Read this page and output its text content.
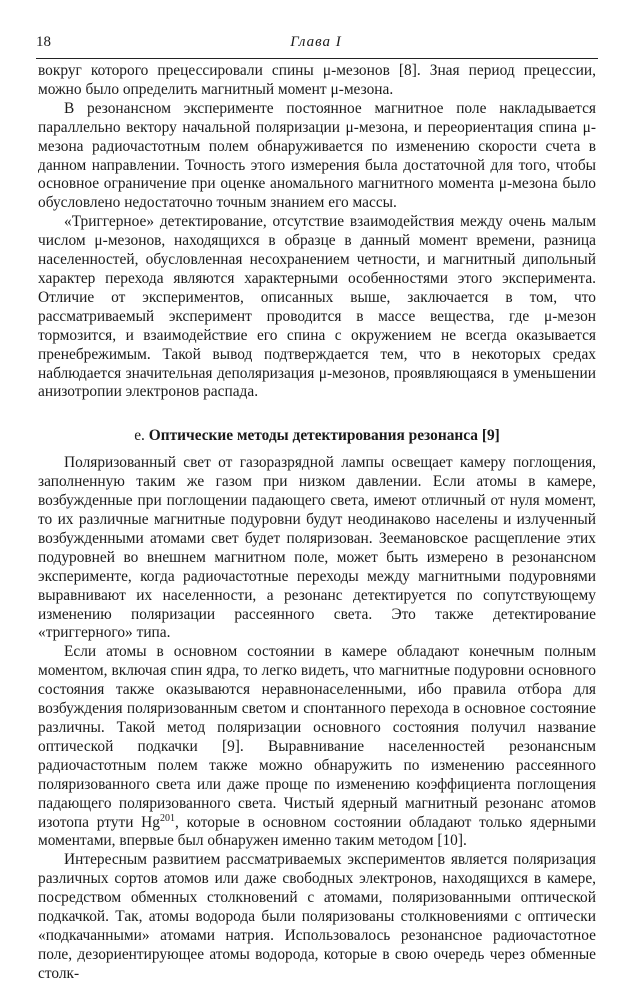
18	Глава I

вокруг которого прецессировали спины μ-мезонов [8]. Зная период прецессии, можно было определить магнитный момент μ-мезона.

В резонансном эксперименте постоянное магнитное поле накладывается параллельно вектору начальной поляризации μ-мезона, и переориентация спина μ-мезона радиочастотным полем обнаруживается по изменению скорости счета в данном направлении. Точность этого измерения была достаточной для того, чтобы основное ограничение при оценке аномального магнитного момента μ-мезона было обусловлено недостаточно точным знанием его массы.

«Триггерное» детектирование, отсутствие взаимодействия между очень малым числом μ-мезонов, находящихся в образце в данный момент времени, разница населенностей, обусловленная несохранением четности, и магнитный дипольный характер перехода являются характерными особенностями этого эксперимента. Отличие от экспериментов, описанных выше, заключается в том, что рассматриваемый эксперимент проводится в массе вещества, где μ-мезон тормозится, и взаимодействие его спина с окружением не всегда оказывается пренебрежимым. Такой вывод подтверждается тем, что в некоторых средах наблюдается значительная деполяризация μ-мезонов, проявляющаяся в уменьшении анизотропии электронов распада.

е. Оптические методы детектирования резонанса [9]

Поляризованный свет от газоразрядной лампы освещает камеру поглощения, заполненную таким же газом при низком давлении. Если атомы в камере, возбужденные при поглощении падающего света, имеют отличный от нуля момент, то их различные магнитные подуровни будут неодинаково населены и излученный возбужденными атомами свет будет поляризован. Зеемановское расщепление этих подуровней во внешнем магнитном поле, может быть измерено в резонансном эксперименте, когда радиочастотные переходы между магнитными подуровнями выравнивают их населенности, а резонанс детектируется по сопутствующему изменению поляризации рассеянного света. Это также детектирование «триггерного» типа.

Если атомы в основном состоянии в камере обладают конечным полным моментом, включая спин ядра, то легко видеть, что магнитные подуровни основного состояния также оказываются неравнонаселенными, ибо правила отбора для возбуждения поляризованным светом и спонтанного перехода в основное состояние различны. Такой метод поляризации основного состояния получил название оптической подкачки [9]. Выравнивание населенностей резонансным радиочастотным полем также можно обнаружить по изменению рассеянного поляризованного света или даже проще по изменению коэффициента поглощения падающего поляризованного света. Чистый ядерный магнитный резонанс атомов изотопа ртути Hg$^{201}$, которые в основном состоянии обладают только ядерными моментами, впервые был обнаружен именно таким методом [10].

Интересным развитием рассматриваемых экспериментов является поляризация различных сортов атомов или даже свободных электронов, находящихся в камере, посредством обменных столкновений с атомами, поляризованными оптической подкачкой. Так, атомы водорода были поляризованы столкновениями с оптически «подкачанными» атомами натрия. Использовалось резонансное радиочастотное поле, дезориентирующее атомы водорода, которые в свою очередь через обменные столк-
